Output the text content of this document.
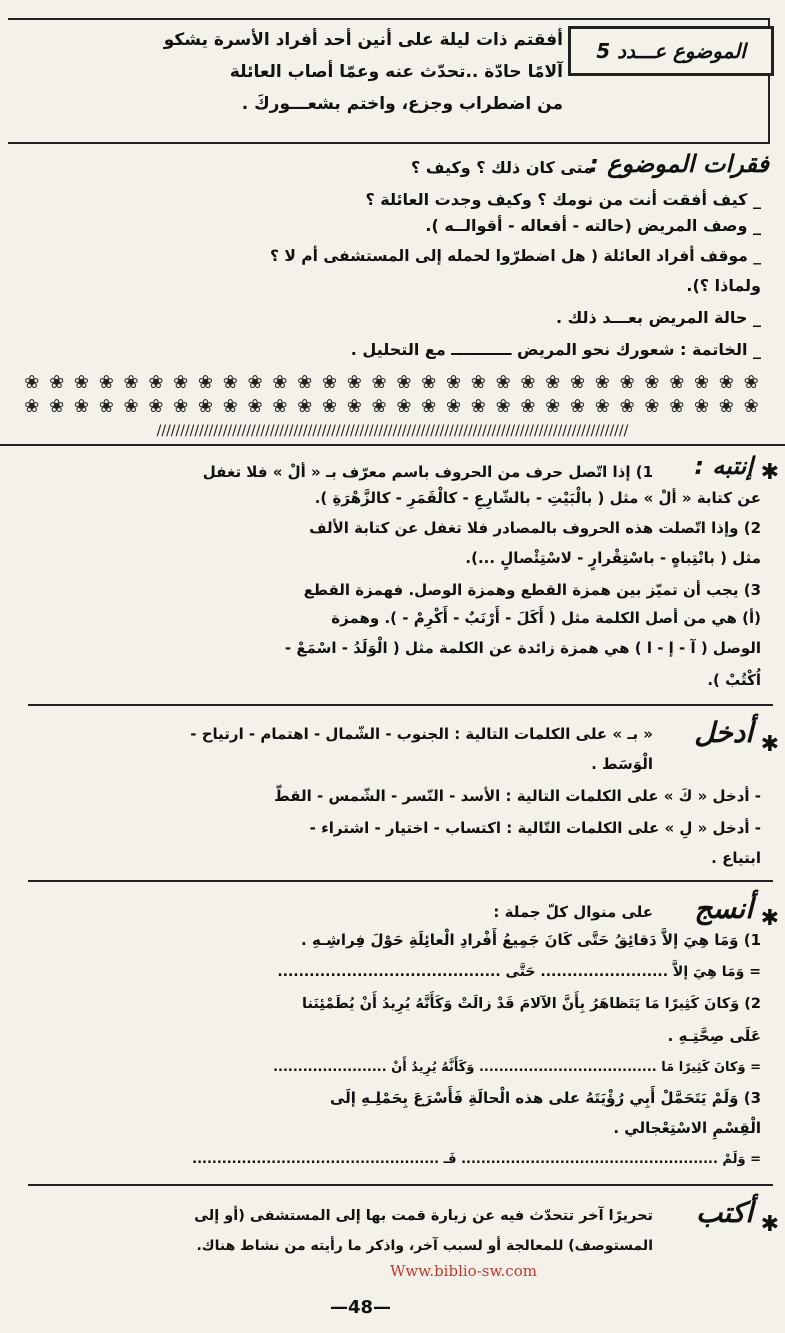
الموضوع عـــدد 5
أفقتم ذات ليلة على أنين أحد أفراد الأسرة يشكو
آلامًا حادّة ..تحدّث عنه وعمّا أصاب العائلة
من اضطراب وجزع، واختم بشعـــوركَ .
فقرات الموضوع :
متى كان ذلك ؟ وكيف ؟
_ كيف أفقت أنت من نومك ؟ وكيف وجدت العائلة ؟
_ وصف المريض (حالته - أفعاله - أقوالــه ).
_ موقف أفراد العائلة ( هل اضطرّوا لحمله إلى المستشفى أم لا ؟
ولماذا ؟).
_ حالة المريض بعـــد ذلك .
_ الخاتمة : شعورك نحو المريض ـــــــــــ مع التحليل .
❀ ❀ ❀ ❀ ❀ ❀ ❀ ❀ ❀ ❀ ❀ ❀ ❀ ❀ ❀ ❀ ❀ ❀ ❀ ❀ ❀ ❀ ❀ ❀ ❀ ❀ ❀ ❀ ❀ ❀
❀ ❀ ❀ ❀ ❀ ❀ ❀ ❀ ❀ ❀ ❀ ❀ ❀ ❀ ❀ ❀ ❀ ❀ ❀ ❀ ❀ ❀ ❀ ❀ ❀ ❀ ❀ ❀ ❀ ❀
////////////////////////////////////////////////////////////////////////////////////////////////////
✱
إنتبه :
1) إذا اتّصل حرف من الحروف باسم معرّف بـ « ألْ » فلا تغفل
عن كتابة « ألْ » مثل ( بالْبَيْتِ - بالشّارِعِ - كالْقَمَرِ - كالزَّهْرَةِ ).
2) وإذا اتّصلت هذه الحروف بالمصادر فلا تغفل عن كتابة الألف
مثل ( بانْتِباهٍ - باسْتِقْرارٍ - لاسْتِئْصالٍ ...).
3) يجب أن تميّز بين همزة القطع وهمزة الوصل. فهمزة القطع
(أ) هي من أصل الكلمة مثل ( أَكَلَ - أَرْنَبٌ - أَكْرِمْ - ). وهمزة
الوصل ( آ - إ - ا ) هي همزة زائدة عن الكلمة مثل ( الْوَلَدُ - اسْمَعْ -
اُكْتُبْ ).
✱
أدخل
« بـ » على الكلمات التالية : الجنوب - الشّمال - اهتمام - ارتياح -
الْوَسَط .
- أدخل « كَ » على الكلمات التالية : الأسد - النّسر - الشّمس - القطّ
- أدخل « لِ » على الكلمات التّالية : اكتساب - اختيار - اشتراء -
ابتياع .
✱
أنسج
على منوال كلّ جملة :
1) وَمَا هِيَ إلاَّ دَقائِقُ حَتَّى كَانَ جَمِيعُ أَفْرادِ الْعائِلَةِ حَوْلَ فِراشِـهِ .
= وَمَا هِيَ إلاَّ ........................ حَتَّى ..........................................
2) وَكانَ كَثِيرًا مَا يَتَظاهَرُ بِأَنَّ الآلامَ قَدْ زالَتْ وَكَأَنَّهُ يُرِيدُ أَنْ يُطَمْئِنَنا
عَلَى صِحَّتِـهِ .
= وَكانَ كَثِيرًا مَا .................................... وَكَأَنَّهُ يُرِيدُ أَنْ .......................
3) وَلَمْ يَتَحَمَّلْ أَبِي رُؤْيَتَهُ على هذه الْحالَةِ فَأَسْرَعَ بِحَمْلِـهِ إلَى
الْقِسْمِ الاسْتِعْجالي .
= وَلَمْ .................................................... فَـ ..................................................
✱
أكتب
تحريرًا آخر تتحدّث فيه عن زيارة قمت بها إلى المستشفى (أو إلى
المستوصف) للمعالجة أو لسبب آخر، واذكر ما رأيته من نشاط هناك.
Www.biblio-sw.com
—48—
